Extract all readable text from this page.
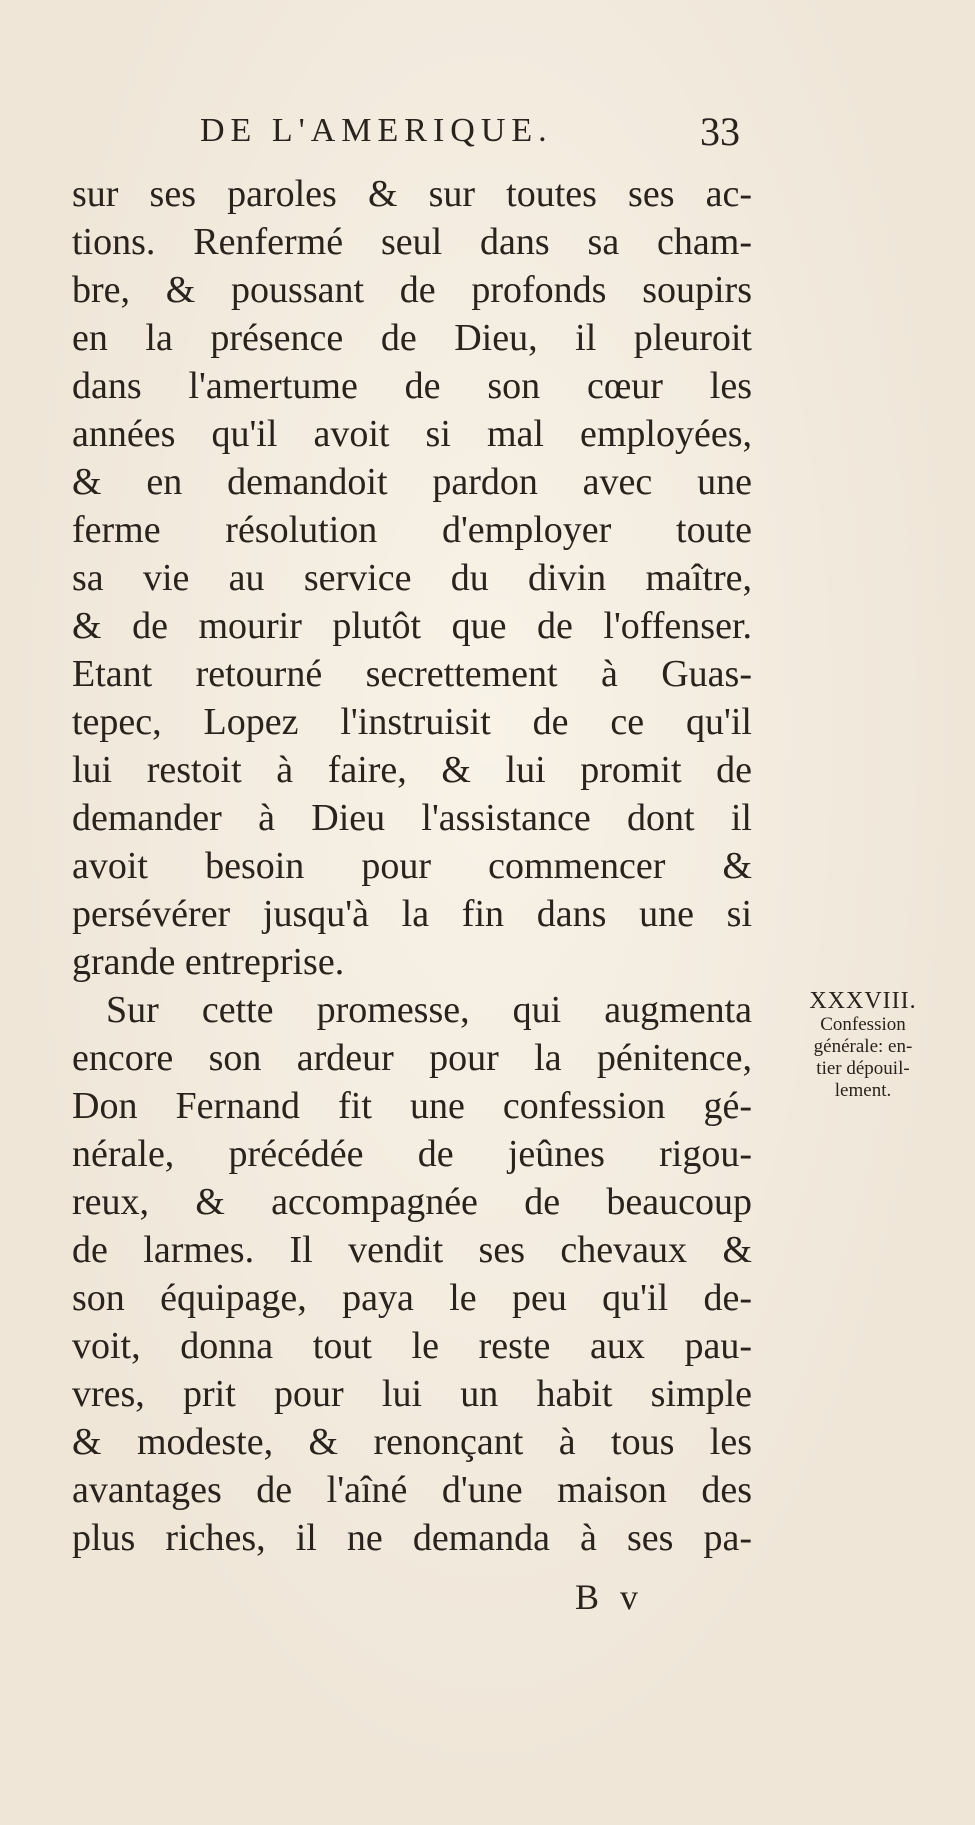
DE L'AMERIQUE.	33
sur ses paroles & sur toutes ses ac-
tions. Renfermé seul dans sa cham-
bre, & poussant de profonds soupirs
en la présence de Dieu, il pleuroit
dans l'amertume de son cœur les
années qu'il avoit si mal employées,
& en demandoit pardon avec une
ferme résolution d'employer toute
sa vie au service du divin maître,
& de mourir plutôt que de l'offenser.
Etant retourné secrettement à Guas-
tepec, Lopez l'instruisit de ce qu'il
lui restoit à faire, & lui promit de
demander à Dieu l'assistance dont il
avoit besoin pour commencer &
persévérer jusqu'à la fin dans une si
grande entreprise.
Sur cette promesse, qui augmenta
encore son ardeur pour la pénitence,
Don Fernand fit une confession gé-
nérale, précédée de jeûnes rigou-
reux, & accompagnée de beaucoup
de larmes. Il vendit ses chevaux &
son équipage, paya le peu qu'il de-
voit, donna tout le reste aux pau-
vres, prit pour lui un habit simple
& modeste, & renonçant à tous les
avantages de l'aîné d'une maison des
plus riches, il ne demanda à ses pa-
XXXVIII.
Confession
générale: en-
tier dépouil-
lement.
B v
